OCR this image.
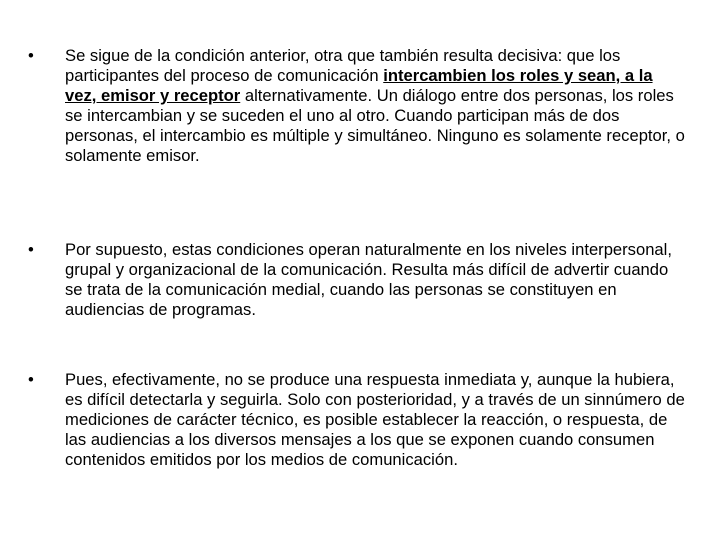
•	Se sigue de la condición anterior, otra que también resulta decisiva: que los participantes del proceso de comunicación intercambien los roles y sean, a la vez, emisor y receptor alternativamente. Un diálogo entre dos personas, los roles se intercambian y se suceden el uno al otro. Cuando participan más de dos personas, el intercambio es múltiple y simultáneo. Ninguno es solamente receptor, o solamente emisor.
•	Por supuesto, estas condiciones operan naturalmente en los niveles interpersonal, grupal y organizacional de la comunicación. Resulta más difícil de advertir cuando se trata de la comunicación medial, cuando las personas se constituyen en audiencias de programas.
•	Pues, efectivamente, no se produce una respuesta inmediata y, aunque la hubiera, es difícil detectarla y seguirla. Solo con posterioridad, y a través de un sinnúmero de mediciones de carácter técnico, es posible establecer la reacción, o respuesta, de las audiencias a los diversos mensajes a los que se exponen cuando consumen contenidos emitidos por los medios de comunicación.
